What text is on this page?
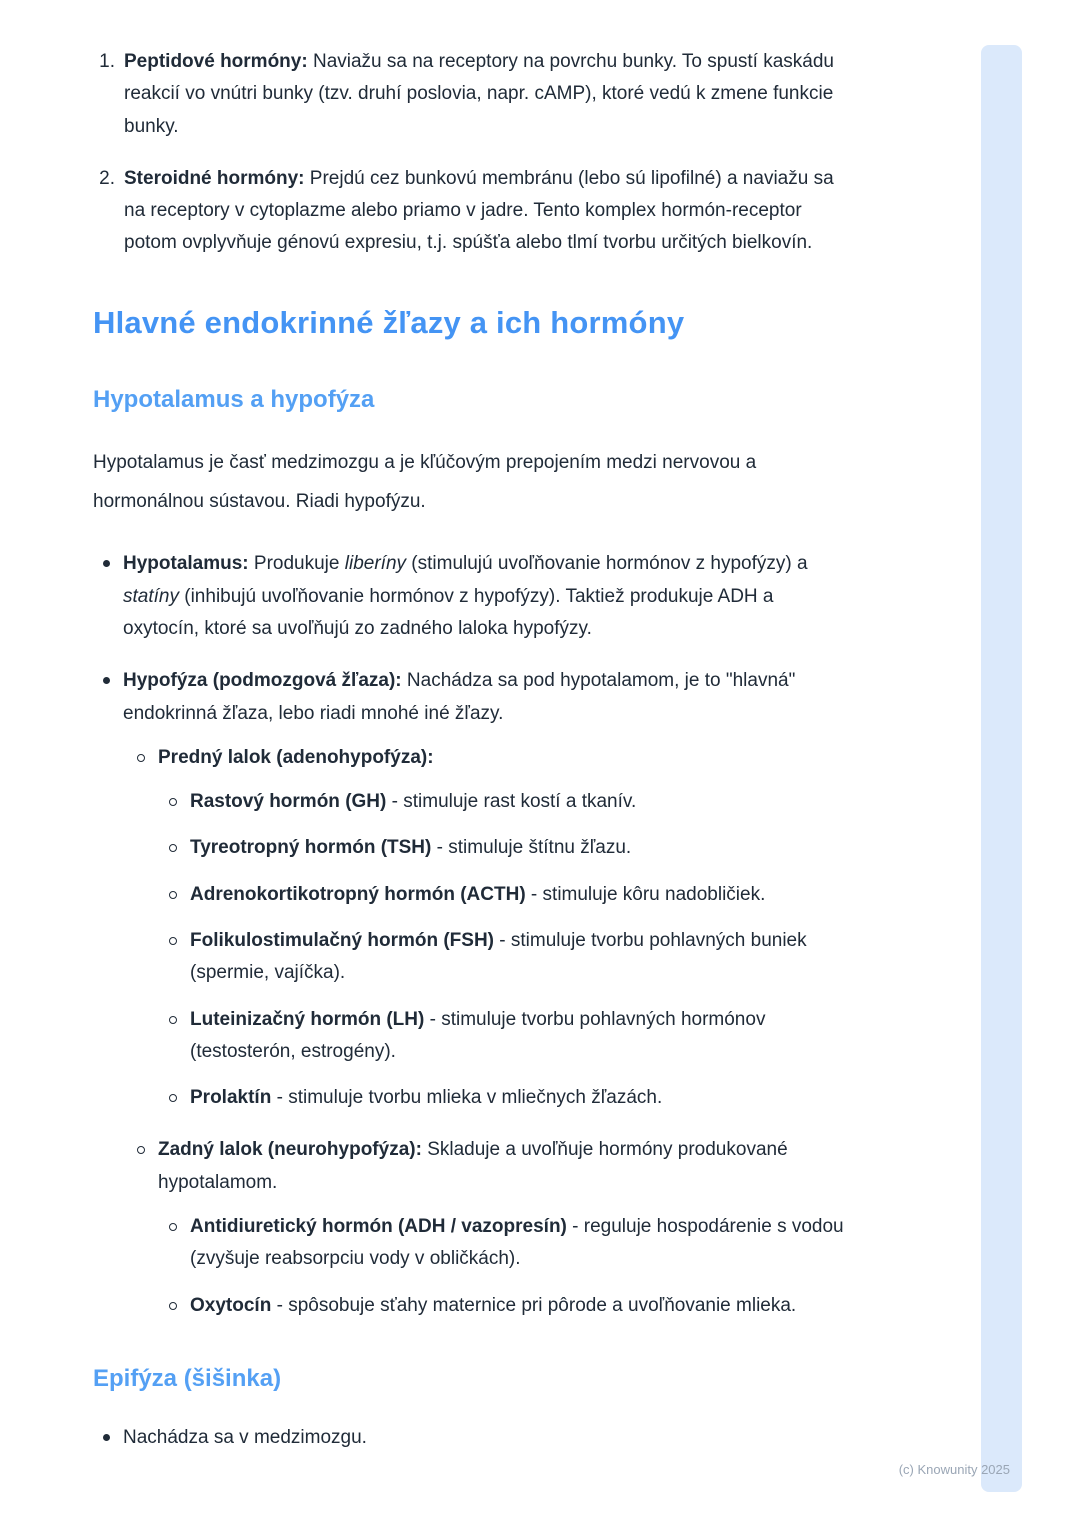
1. Peptidové hormóny: Naviažu sa na receptory na povrchu bunky. To spustí kaskádu reakcií vo vnútri bunky (tzv. druhí poslovia, napr. cAMP), ktoré vedú k zmene funkcie bunky.

2. Steroidné hormóny: Prejdú cez bunkovú membránu (lebo sú lipofilné) a naviažu sa na receptory v cytoplazme alebo priamo v jadre. Tento komplex hormón-receptor potom ovplyvňuje génovú expresiu, t.j. spúšťa alebo tlmí tvorbu určitých bielkovín.

Hlavné endokrinné žľazy a ich hormóny
Hypotalamus a hypofýza

Hypotalamus je časť medzimozgu a je kľúčovým prepojením medzi nervovou a hormonálnou sústavou. Riadi hypofýzu.

Hypotalamus: Produkuje liberíny (stimulujú uvoľňovanie hormónov z hypofýzy) a statíny (inhibujú uvoľňovanie hormónov z hypofýzy). Taktiež produkuje ADH a oxytocín, ktoré sa uvoľňujú zo zadného laloka hypofýzy.

Hypofýza (podmozgová žľaza): Nachádza sa pod hypotalamom, je to "hlavná" endokrinná žľaza, lebo riadi mnohé iné žľazy.

Predný lalok (adenohypofýza):

Rastový hormón (GH) - stimuluje rast kostí a tkanív.

Tyreotropný hormón (TSH) - stimuluje štítnu žľazu.

Adrenokortikotropný hormón (ACTH) - stimuluje kôru nadobličiek.

Folikulostimulačný hormón (FSH) - stimuluje tvorbu pohlavných buniek (spermie, vajíčka).

Luteinizačný hormón (LH) - stimuluje tvorbu pohlavných hormónov (testosterón, estrogény).

Prolaktín - stimuluje tvorbu mlieka v mliečnych žľazách.

Zadný lalok (neurohypofýza): Skladuje a uvoľňuje hormóny produkované hypotalamom.

Antidiuretický hormón (ADH / vazopresín) - reguluje hospodárenie s vodou (zvyšuje reabsorpciu vody v obličkách).

Oxytocín - spôsobuje sťahy maternice pri pôrode a uvoľňovanie mlieka.

Epifýza (šišinka)

Nachádza sa v medzimozgu.

(c) Knowunity 2025
